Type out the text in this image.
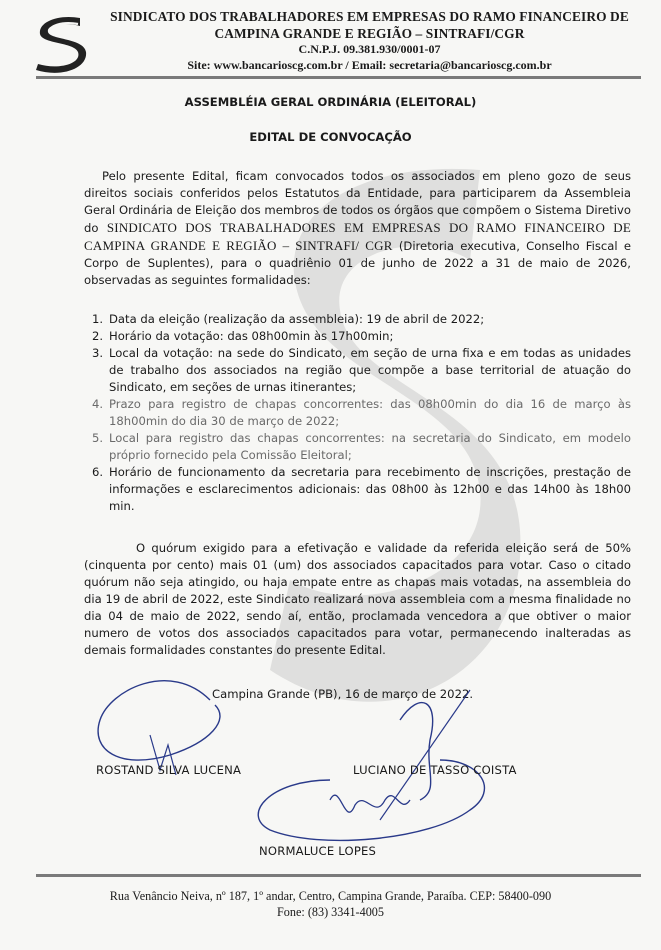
SINDICATO DOS TRABALHADORES EM EMPRESAS DO RAMO FINANCEIRO DE
CAMPINA GRANDE E REGIÃO – SINTRAFI/CGR
C.N.P.J. 09.381.930/0001-07
Site: www.bancarioscg.com.br / Email: secretaria@bancarioscg.com.br
ASSEMBLÉIA GERAL ORDINÁRIA (ELEITORAL)
EDITAL DE CONVOCAÇÃO
Pelo presente Edital, ficam convocados todos os associados em pleno gozo de seus direitos sociais conferidos pelos Estatutos da Entidade, para participarem da Assembleia Geral Ordinária de Eleição dos membros de todos os órgãos que compõem o Sistema Diretivo do SINDICATO DOS TRABALHADORES EM EMPRESAS DO RAMO FINANCEIRO DE CAMPINA GRANDE E REGIÃO – SINTRAFI/ CGR (Diretoria executiva, Conselho Fiscal e Corpo de Suplentes), para o quadriênio 01 de junho de 2022 a 31 de maio de 2026, observadas as seguintes formalidades:
1. Data da eleição (realização da assembleia): 19 de abril de 2022;
2. Horário da votação: das 08h00min às 17h00min;
3. Local da votação: na sede do Sindicato, em seção de urna fixa e em todas as unidades de trabalho dos associados na região que compõe a base territorial de atuação do Sindicato, em seções de urnas itinerantes;
4. Prazo para registro de chapas concorrentes: das 08h00min do dia 16 de março às 18h00min do dia 30 de março de 2022;
5. Local para registro das chapas concorrentes: na secretaria do Sindicato, em modelo próprio fornecido pela Comissão Eleitoral;
6. Horário de funcionamento da secretaria para recebimento de inscrições, prestação de informações e esclarecimentos adicionais: das 08h00 às 12h00 e das 14h00 às 18h00 min.
O quórum exigido para a efetivação e validade da referida eleição será de 50% (cinquenta por cento) mais 01 (um) dos associados capacitados para votar. Caso o citado quórum não seja atingido, ou haja empate entre as chapas mais votadas, na assembleia do dia 19 de abril de 2022, este Sindicato realizará nova assembleia com a mesma finalidade no dia 04 de maio de 2022, sendo aí, então, proclamada vencedora a que obtiver o maior numero de votos dos associados capacitados para votar, permanecendo inalteradas as demais formalidades constantes do presente Edital.
Campina Grande (PB), 16 de março de 2022.
ROSTAND SILVA LUCENA	LUCIANO DE TASSO COISTA
NORMALUCE LOPES
Rua Venâncio Neiva, nº 187, 1º andar, Centro, Campina Grande, Paraíba. CEP: 58400-090
Fone: (83) 3341-4005
